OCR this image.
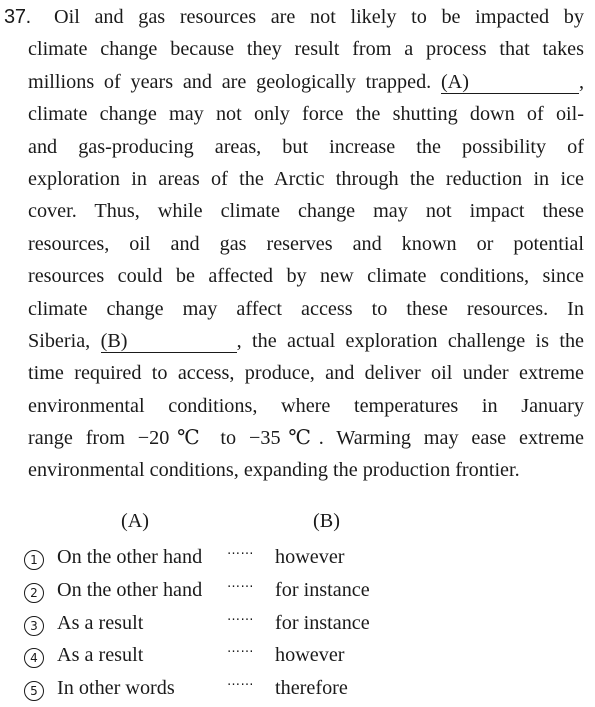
37.	Oil and gas resources are not likely to be impacted by
climate change because they result from a process that takes
millions of years and are geologically trapped. (A)	,
climate change may not only force the shutting down of oil-
and gas-producing areas, but increase the possibility of
exploration in areas of the Arctic through the reduction in ice
cover. Thus, while climate change may not impact these
resources, oil and gas reserves and known or potential
resources could be affected by new climate conditions, since
climate change may affect access to these resources. In
Siberia, (B)	, the actual exploration challenge is the
time required to access, produce, and deliver oil under extreme
environmental conditions, where temperatures in January
range from −20℃ to −35℃. Warming may ease extreme
environmental conditions, expanding the production frontier.
(A)	(B)
1 On the other hand …… however
2 On the other hand …… for instance
3 As a result	…… for instance
4 As a result	…… however
5 In other words	…… therefore
